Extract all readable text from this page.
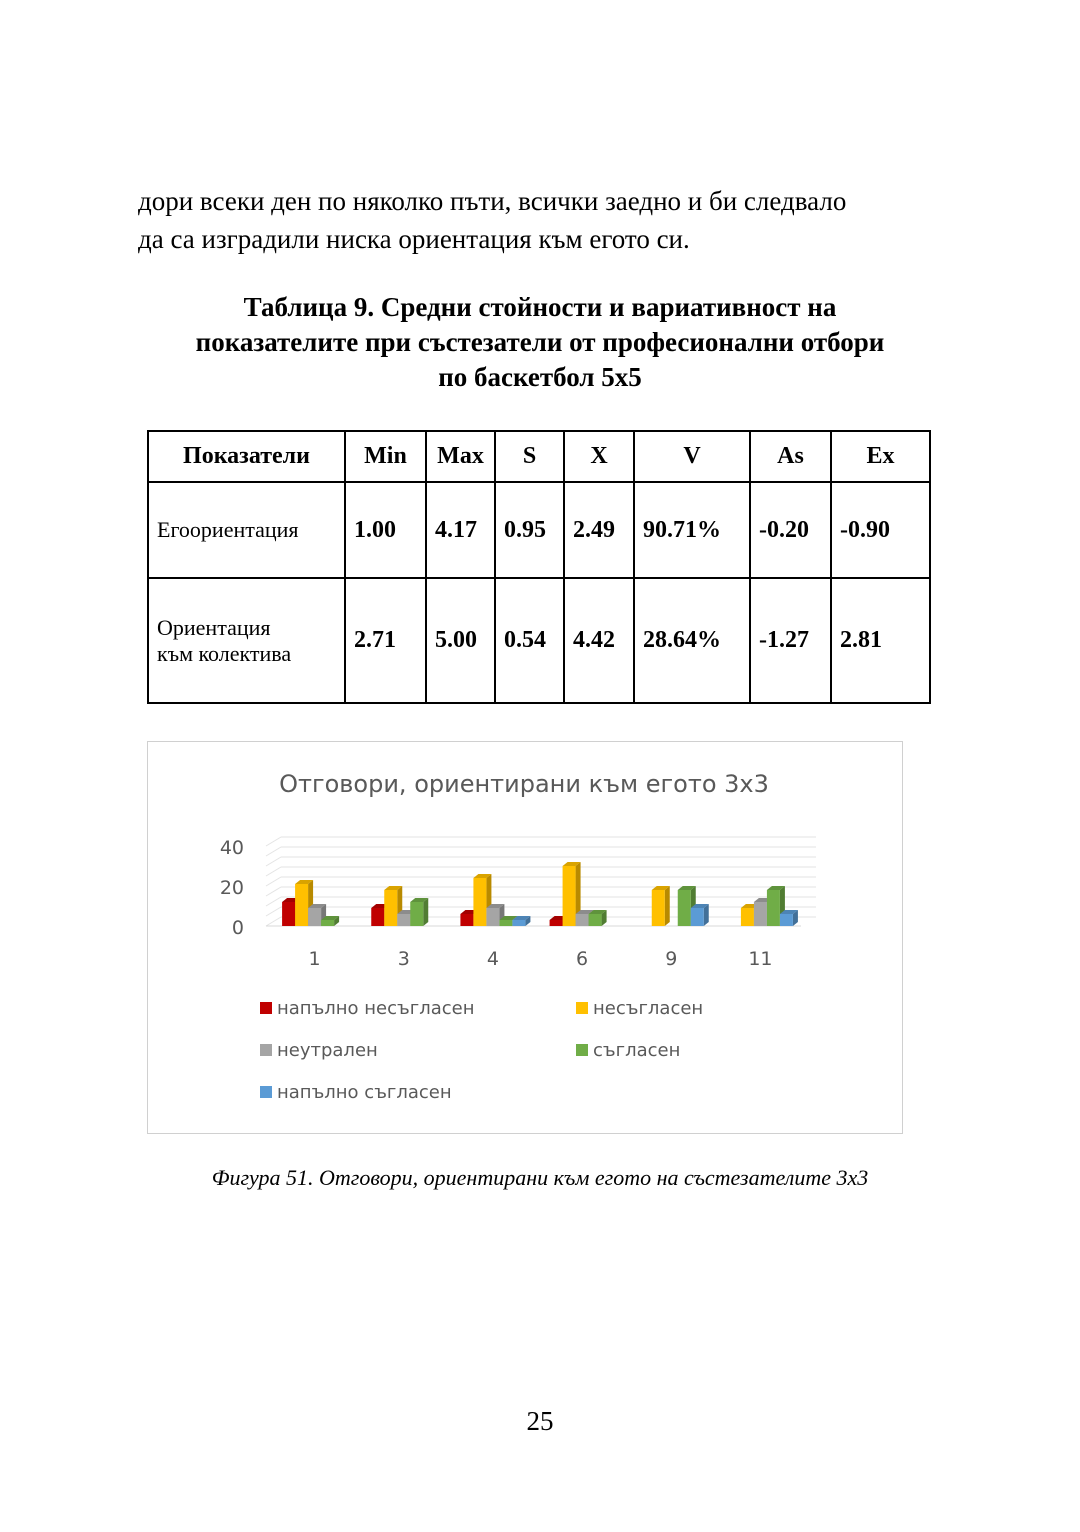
дори всеки ден по няколко пъти, всички заедно и би следвало
да са изградили ниска ориентация към егото си.

Таблица 9. Средни стойности и вариативност на
показателите при състезатели от професионални отбори
по баскетбол 5x5

Показатели	Min	Max	S	X	V	As	Ex
Егоориентация	1.00	4.17	0.95	2.49	90.71%	-0.20	-0.90
Ориентация
към колектива	2.71	5.00	0.54	4.42	28.64%	-1.27	2.81
Отговори, ориентирани към егото 3x3
0
20
40
1	3	4	6	9	11
напълно несъгласен	несъгласен
неутрален	съгласен
напълно съгласен

Фигура 51. Отговори, ориентирани към егото на състезателите 3x3

25
